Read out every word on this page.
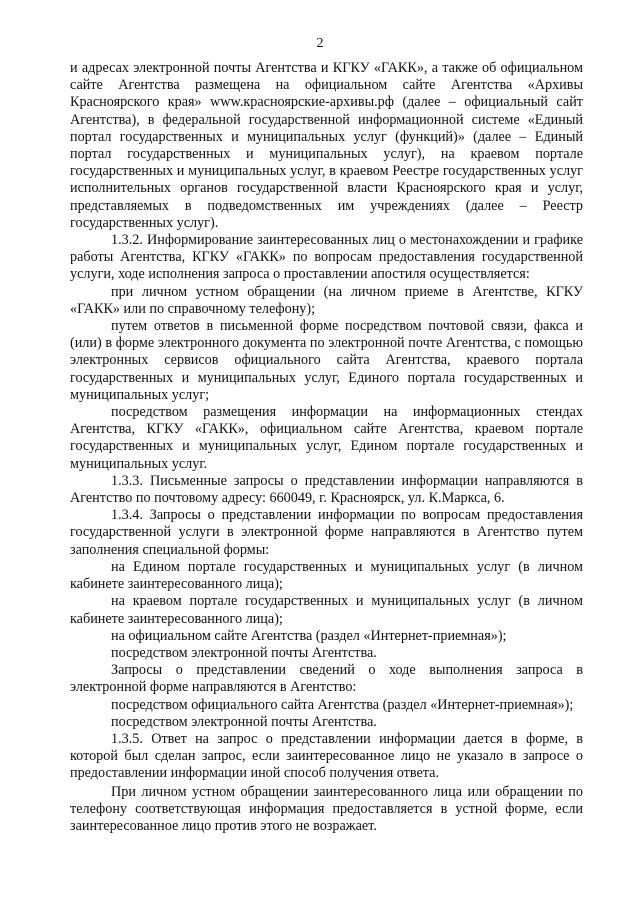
2

и адресах электронной почты Агентства и КГКУ «ГАКК», а также об официальном сайте Агентства размещена на официальном сайте Агентства «Архивы Красноярского края» www.красноярские-архивы.рф (далее – официальный сайт Агентства), в федеральной государственной информационной системе «Единый портал государственных и муниципальных услуг (функций)» (далее – Единый портал государственных и муниципальных услуг), на краевом портале государственных и муниципальных услуг, в краевом Реестре государственных услуг исполнительных органов государственной власти Красноярского края и услуг, представляемых в подведомственных им учреждениях (далее – Реестр государственных услуг).

1.3.2. Информирование заинтересованных лиц о местонахождении и графике работы Агентства, КГКУ «ГАКК» по вопросам предоставления государственной услуги, ходе исполнения запроса о проставлении апостиля осуществляется:

при личном устном обращении (на личном приеме в Агентстве, КГКУ «ГАКК» или по справочному телефону);

путем ответов в письменной форме посредством почтовой связи, факса и (или) в форме электронного документа по электронной почте Агентства, с помощью электронных сервисов официального сайта Агентства, краевого портала государственных и муниципальных услуг, Единого портала государственных и муниципальных услуг;

посредством размещения информации на информационных стендах Агентства, КГКУ «ГАКК», официальном сайте Агентства, краевом портале государственных и муниципальных услуг, Едином портале государственных и муниципальных услуг.

1.3.3. Письменные запросы о представлении информации направляются в Агентство по почтовому адресу: 660049, г. Красноярск, ул. К.Маркса, 6.

1.3.4. Запросы о представлении информации по вопросам предоставления государственной услуги в электронной форме направляются в Агентство путем заполнения специальной формы:

на Едином портале государственных и муниципальных услуг (в личном кабинете заинтересованного лица);

на краевом портале государственных и муниципальных услуг (в личном кабинете заинтересованного лица);

на официальном сайте Агентства (раздел «Интернет-приемная»);

посредством электронной почты Агентства.

Запросы о представлении сведений о ходе выполнения запроса в электронной форме направляются в Агентство:

посредством официального сайта Агентства (раздел «Интернет-приемная»);

посредством электронной почты Агентства.

1.3.5. Ответ на запрос о представлении информации дается в форме, в которой был сделан запрос, если заинтересованное лицо не указало в запросе о предоставлении информации иной способ получения ответа.

При личном устном обращении заинтересованного лица или обращении по телефону соответствующая информация предоставляется в устной форме, если заинтересованное лицо против этого не возражает.
